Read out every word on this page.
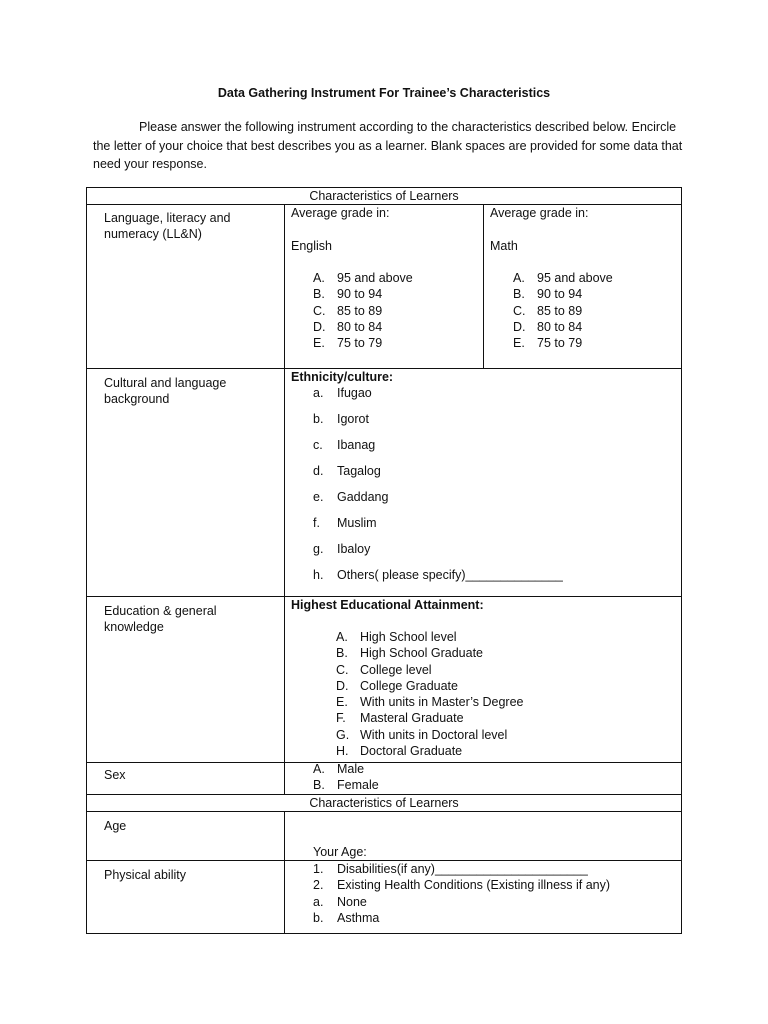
Data Gathering Instrument For Trainee’s Characteristics
Please answer the following instrument according to the characteristics described below. Encircle the letter of your choice that best describes you as a learner. Blank spaces are provided for some data that need your response.
Characteristics of Learners
Language, literacy and numeracy (LL&N)
Average grade in:
English
A. 95 and above
B. 90 to 94
C. 85 to 89
D. 80 to 84
E. 75 to 79
Average grade in:
Math
A. 95 and above
B. 90 to 94
C. 85 to 89
D. 80 to 84
E. 75 to 79
Cultural and language background
Ethnicity/culture:
a. Ifugao
b. Igorot
c. Ibanag
d. Tagalog
e. Gaddang
f. Muslim
g. Ibaloy
h. Others( please specify)______________
Education & general knowledge
Highest Educational Attainment:
A. High School level
B. High School Graduate
C. College level
D. College Graduate
E. With units in Master’s Degree
F. Masteral Graduate
G. With units in Doctoral level
H. Doctoral Graduate
Sex	A. Male
B. Female
Characteristics of Learners
Age
Your Age:
Physical ability	1. Disabilities(if any)______________________
2. Existing Health Conditions (Existing illness if any)
a. None
b. Asthma
